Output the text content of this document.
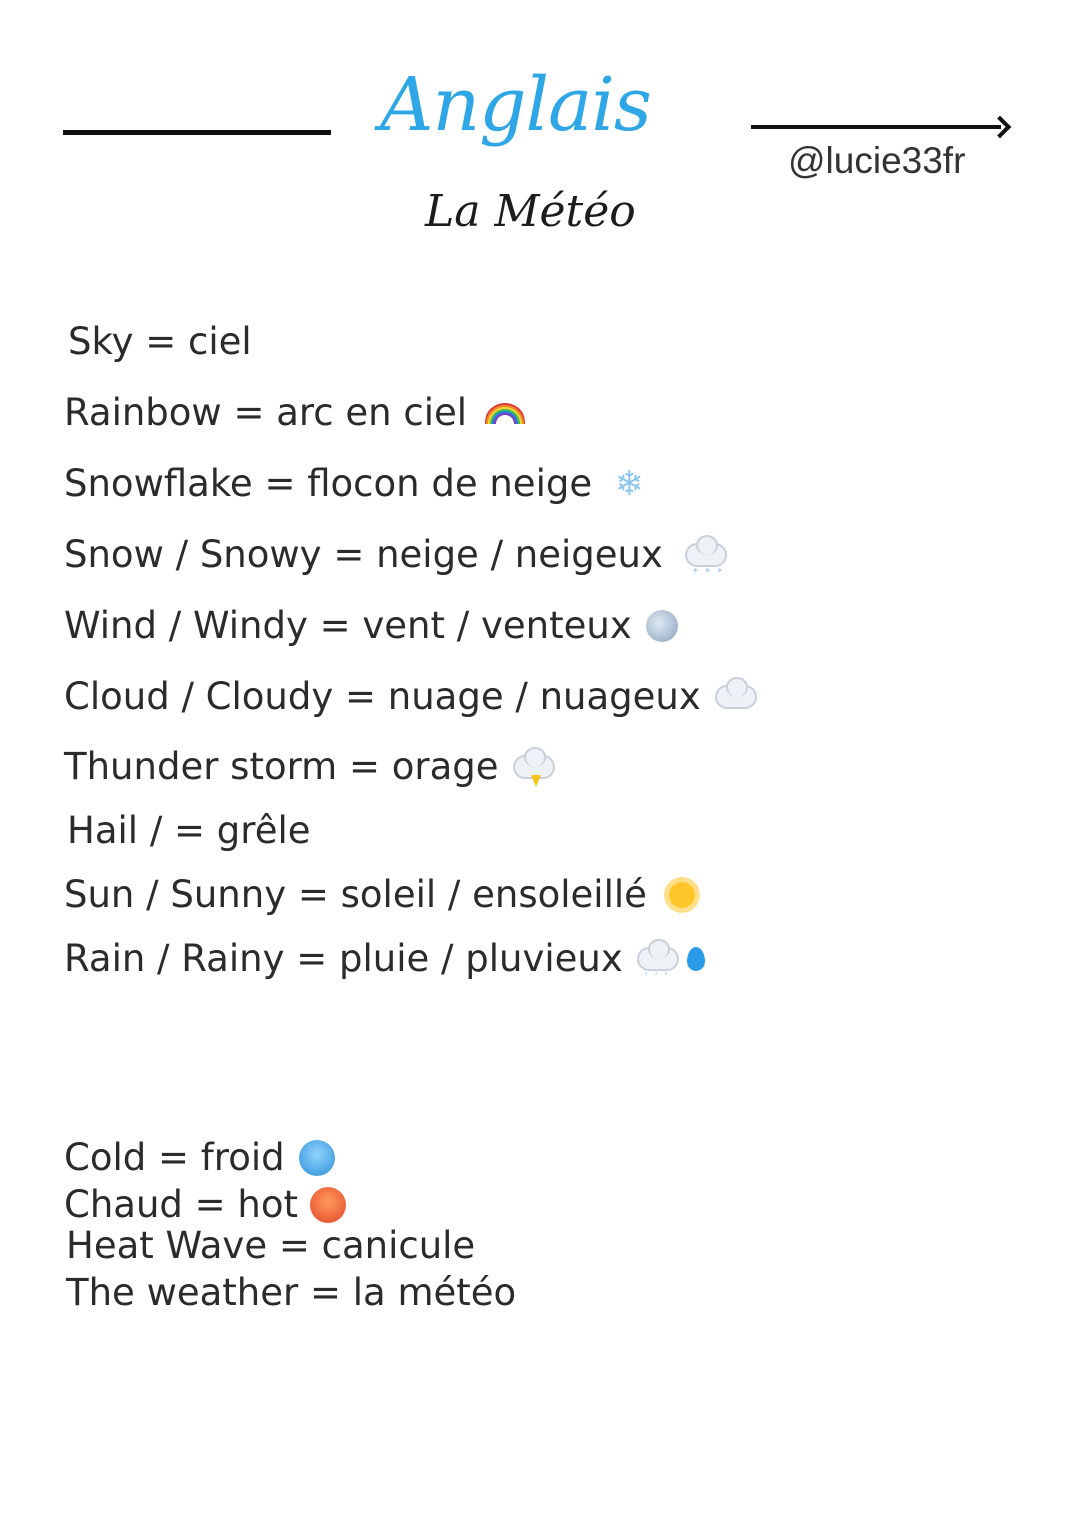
Anglais
La Météo
@lucie33fr
Sky = ciel
Rainbow = arc en ciel
Snowflake = flocon de neige ❄
Snow / Snowy = neige / neigeux	* * *
Wind / Windy = vent / venteux
Cloud / Cloudy = nuage / nuageux
Thunder storm = orage
Hail / = grêle
Sun / Sunny = soleil / ensoleillé
Rain / Rainy = pluie / pluvieux ' ' '
Cold = froid
Chaud = hot
Heat Wave = canicule
The weather = la météo
